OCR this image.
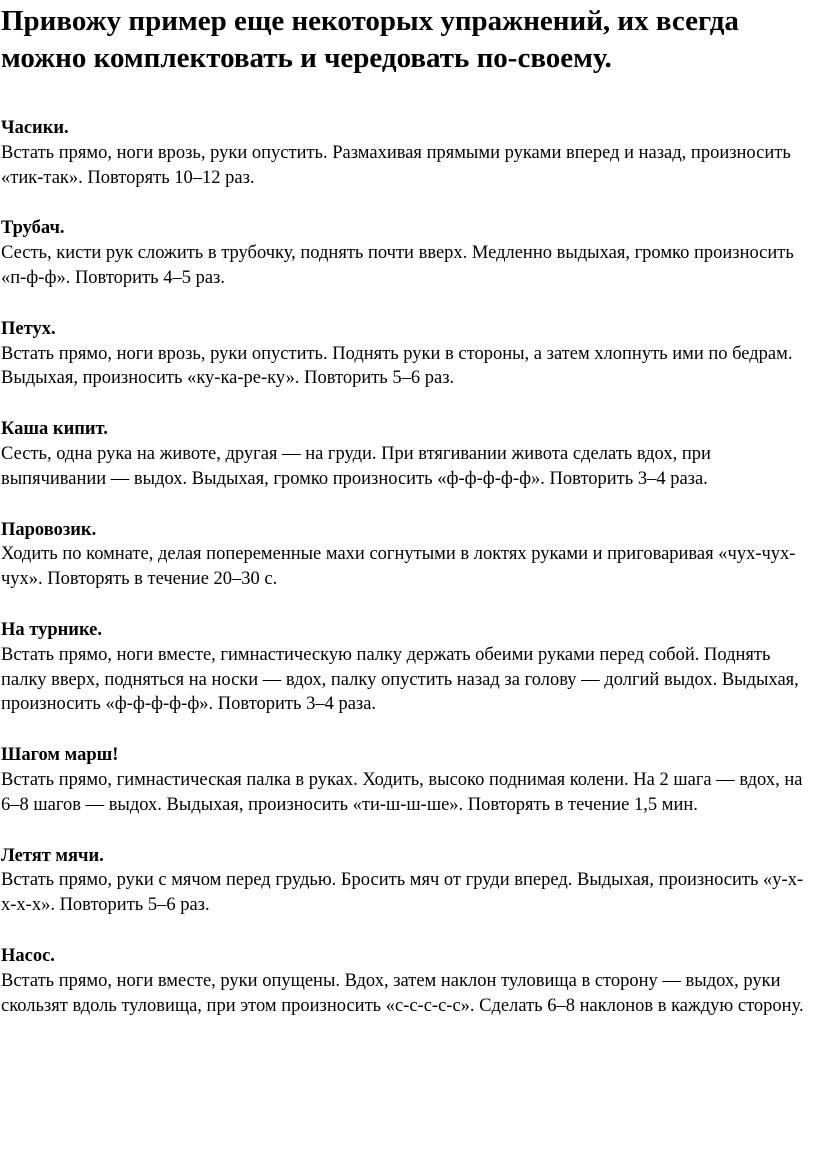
Привожу пример еще некоторых упражнений, их всегда можно комплектовать и чередовать по-своему.

Часики.

Встать прямо, ноги врозь, руки опустить. Размахивая прямыми руками вперед и назад, произносить «тик-так». Повторять 10–12 раз.

Трубач.

Сесть, кисти рук сложить в трубочку, поднять почти вверх. Медленно выдыхая, громко произносить «п-ф-ф». Повторить 4–5 раз.

Петух.

Встать прямо, ноги врозь, руки опустить. Поднять руки в стороны, а затем хлопнуть ими по бедрам. Выдыхая, произносить «ку-ка-ре-ку». Повторить 5–6 раз.

Каша кипит.

Сесть, одна рука на животе, другая — на груди. При втягивании живота сделать вдох, при выпячивании — выдох. Выдыхая, громко произносить «ф-ф-ф-ф-ф». Повторить 3–4 раза.

Паровозик.

Ходить по комнате, делая попеременные махи согнутыми в локтях руками и приговаривая «чух-чух-чух». Повторять в течение 20–30 с.

На турнике.

Встать прямо, ноги вместе, гимнастическую палку держать обеими руками перед собой. Поднять палку вверх, подняться на носки — вдох, палку опустить назад за голову — долгий выдох. Выдыхая, произносить «ф-ф-ф-ф-ф». Повторить 3–4 раза.

Шагом марш!

Встать прямо, гимнастическая палка в руках. Ходить, высоко поднимая колени. На 2 шага — вдох, на 6–8 шагов — выдох. Выдыхая, произносить «ти-ш-ш-ше». Повторять в течение 1,5 мин.

Летят мячи.

Встать прямо, руки с мячом перед грудью. Бросить мяч от груди вперед. Выдыхая, произносить «у-х-х-х-х». Повторить 5–6 раз.

Насос.

Встать прямо, ноги вместе, руки опущены. Вдох, затем наклон туловища в сторону — выдох, руки скользят вдоль туловища, при этом произносить «с-с-с-с-с». Сделать 6–8 наклонов в каждую сторону.
